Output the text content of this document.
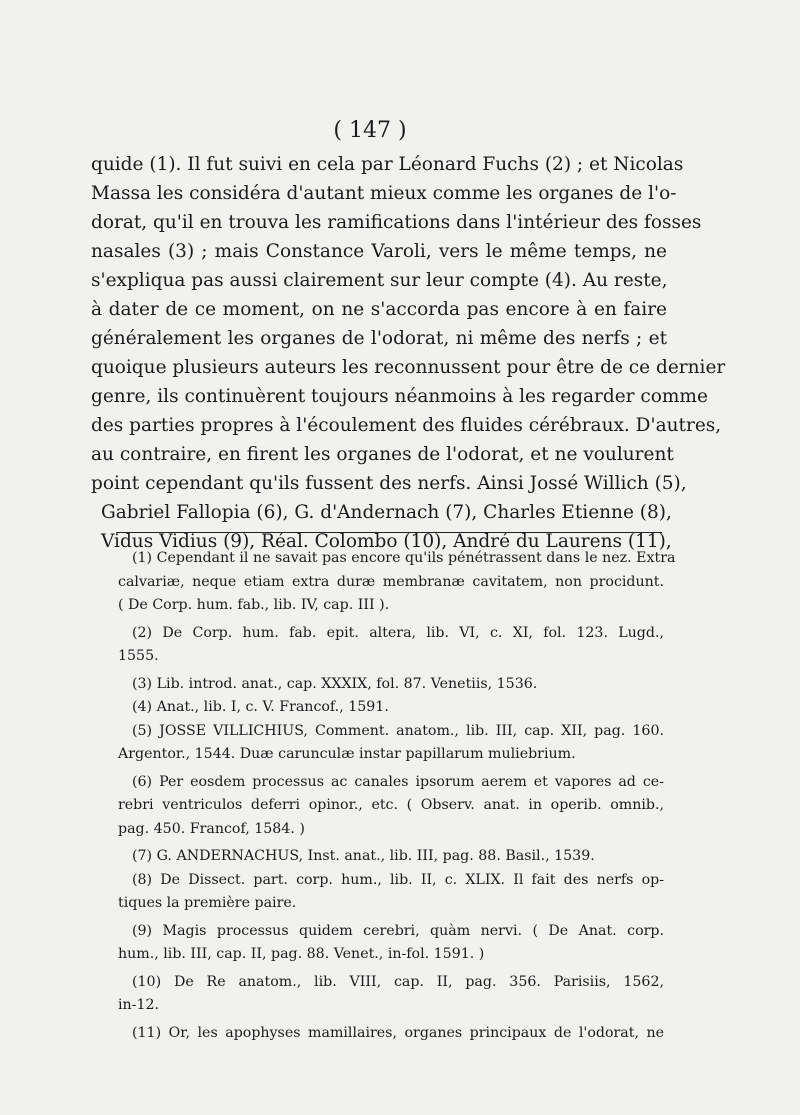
( 147 )
quide (1). Il fut suivi en cela par Léonard Fuchs (2) ; et Nicolas
Massa les considéra d'autant mieux comme les organes de l'o-
dorat, qu'il en trouva les ramifications dans l'intérieur des fosses
nasales (3) ; mais Constance Varoli, vers le même temps, ne
s'expliqua pas aussi clairement sur leur compte (4). Au reste,
à dater de ce moment, on ne s'accorda pas encore à en faire
généralement les organes de l'odorat, ni même des nerfs ; et
quoique plusieurs auteurs les reconnussent pour être de ce dernier
genre, ils continuèrent toujours néanmoins à les regarder comme
des parties propres à l'écoulement des fluides cérébraux. D'autres,
au contraire, en firent les organes de l'odorat, et ne voulurent
point cependant qu'ils fussent des nerfs. Ainsi Jossé Willich (5),
Gabriel Fallopia (6), G. d'Andernach (7), Charles Etienne (8),
Vidus Vidius (9), Réal. Colombo (10), André du Laurens (11),
(1) Cependant il ne savait pas encore qu'ils pénétrassent dans le nez. Extra
calvariæ, neque etiam extra duræ membranæ cavitatem, non procidunt.
( De Corp. hum. fab., lib. IV, cap. III ).
(2) De Corp. hum. fab. epit. altera, lib. VI, c. XI, fol. 123. Lugd.,
1555.
(3) Lib. introd. anat., cap. XXXIX, fol. 87. Venetiis, 1536.
(4) Anat., lib. I, c. V. Francof., 1591.
(5) JOSSE VILLICHIUS, Comment. anatom., lib. III, cap. XII, pag. 160.
Argentor., 1544. Duæ carunculæ instar papillarum muliebrium.
(6) Per eosdem processus ac canales ipsorum aerem et vapores ad ce-
rebri ventriculos deferri opinor., etc. ( Observ. anat. in operib. omnib.,
pag. 450. Francof, 1584. )
(7) G. ANDERNACHUS, Inst. anat., lib. III, pag. 88. Basil., 1539.
(8) De Dissect. part. corp. hum., lib. II, c. XLIX. Il fait des nerfs op-
tiques la première paire.
(9) Magis processus quidem cerebri, quàm nervi. ( De Anat. corp.
hum., lib. III, cap. II, pag. 88. Venet., in-fol. 1591. )
(10) De Re anatom., lib. VIII, cap. II, pag. 356. Parisiis, 1562,
in-12.
(11) Or, les apophyses mamillaires, organes principaux de l'odorat, ne
